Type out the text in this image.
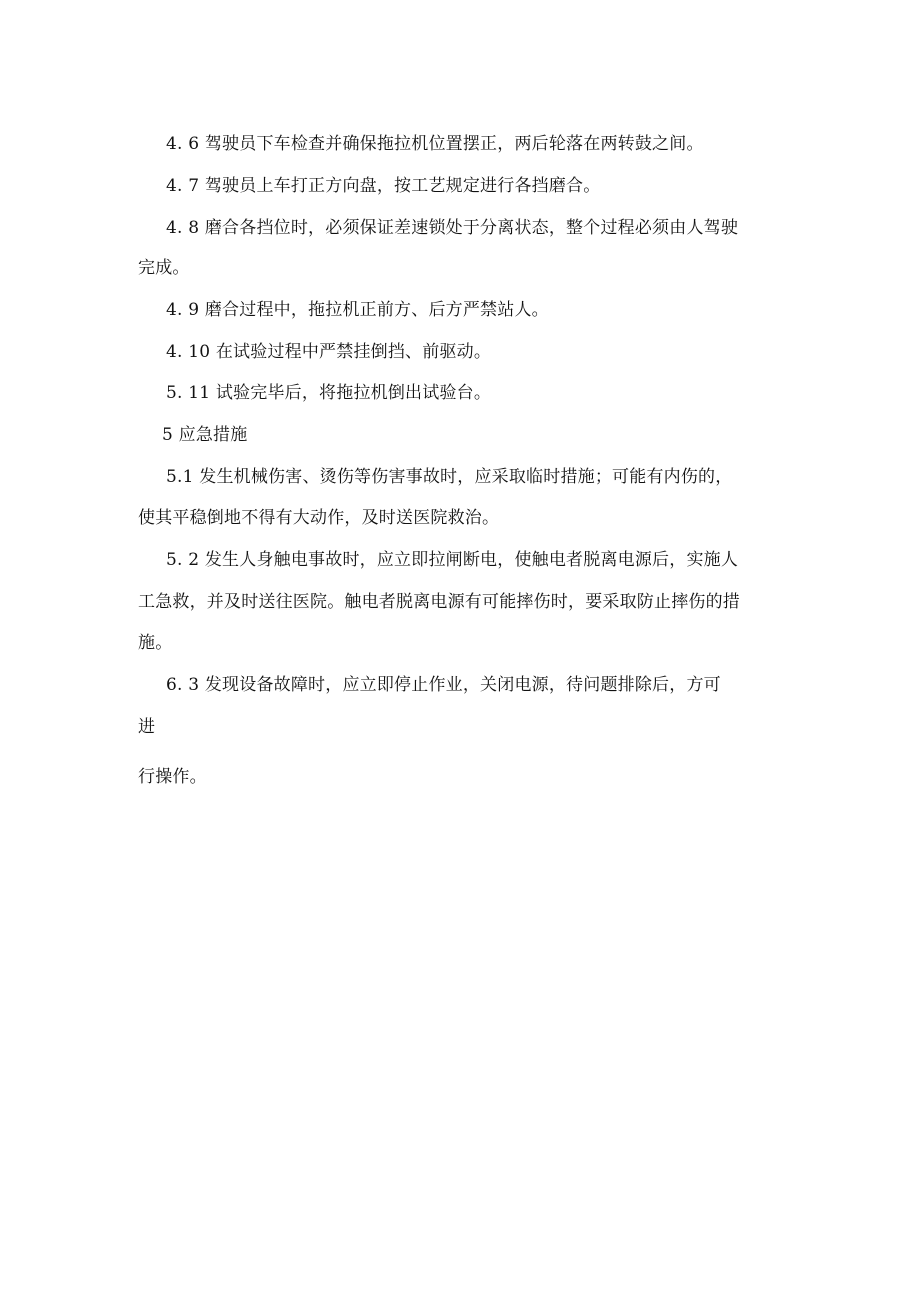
4. 6 驾驶员下车检查并确保拖拉机位置摆正，两后轮落在两转鼓之间。

4. 7 驾驶员上车打正方向盘，按工艺规定进行各挡磨合。

4. 8 磨合各挡位时，必须保证差速锁处于分离状态，整个过程必须由人驾驶

完成。

4. 9 磨合过程中，拖拉机正前方、后方严禁站人。

4. 10 在试验过程中严禁挂倒挡、前驱动。

5. 11 试验完毕后，将拖拉机倒出试验台。

5 应急措施

5.1 发生机械伤害、烫伤等伤害事故时，应采取临时措施；可能有内伤的，

使其平稳倒地不得有大动作，及时送医院救治。

5. 2 发生人身触电事故时，应立即拉闸断电，使触电者脱离电源后，实施人

工急救，并及时送往医院。触电者脱离电源有可能摔伤时，要采取防止摔伤的措

施。

6. 3 发现设备故障时，应立即停止作业，关闭电源，待问题排除后，方可

进

行操作。
